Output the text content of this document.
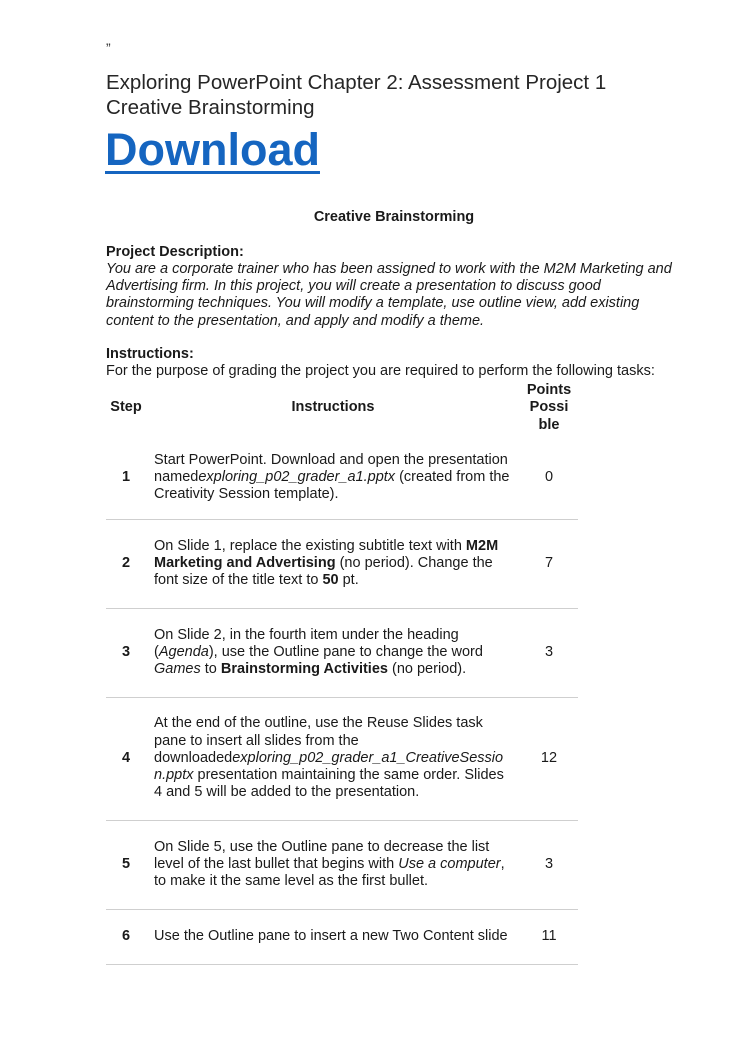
”
Exploring PowerPoint Chapter 2: Assessment Project 1
Creative Brainstorming
Download
Creative Brainstorming
Project Description:
You are a corporate trainer who has been assigned to work with the M2M Marketing and Advertising firm. In this project, you will create a presentation to discuss good brainstorming techniques. You will modify a template, use outline view, add existing content to the presentation, and apply and modify a theme.
Instructions:
For the purpose of grading the project you are required to perform the following tasks:
Step	Instructions	Points
Possi
ble

1	Start PowerPoint. Download and open the presentation namedexploring_p02_grader_a1.pptx (created from the Creativity Session template).	0
2	On Slide 1, replace the existing subtitle text with M2M Marketing and Advertising (no period). Change the font size of the title text to 50 pt.	7
3	On Slide 2, in the fourth item under the heading (Agenda), use the Outline pane to change the word Games to Brainstorming Activities (no period).	3
4	At the end of the outline, use the Reuse Slides task pane to insert all slides from the downloadedexploring_p02_grader_a1_CreativeSessio n.pptx presentation maintaining the same order. Slides 4 and 5 will be added to the presentation.	12
5	On Slide 5, use the Outline pane to decrease the list level of the last bullet that begins with Use a computer, to make it the same level as the first bullet.	3
6	Use the Outline pane to insert a new Two Content slide	11
